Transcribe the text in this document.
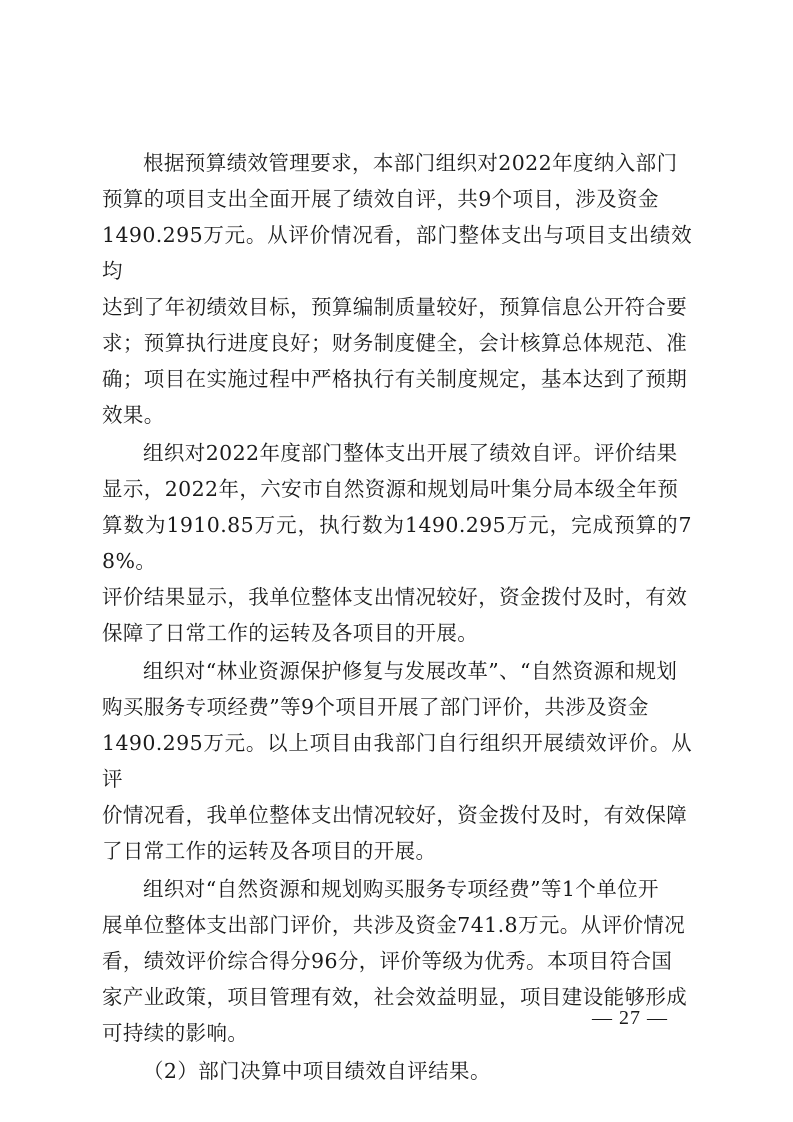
根据预算绩效管理要求，本部门组织对2022年度纳入部门
预算的项目支出全面开展了绩效自评，共9个项目，涉及资金
1490.295万元。从评价情况看，部门整体支出与项目支出绩效均
达到了年初绩效目标，预算编制质量较好，预算信息公开符合要
求；预算执行进度良好；财务制度健全，会计核算总体规范、准
确；项目在实施过程中严格执行有关制度规定，基本达到了预期
效果。

组织对2022年度部门整体支出开展了绩效自评。评价结果
显示，2022年，六安市自然资源和规划局叶集分局本级全年预
算数为1910.85万元，执行数为1490.295万元，完成预算的78%。
评价结果显示，我单位整体支出情况较好，资金拨付及时，有效
保障了日常工作的运转及各项目的开展。

组织对“林业资源保护修复与发展改革”、“自然资源和规划
购买服务专项经费”等9个项目开展了部门评价，共涉及资金
1490.295万元。以上项目由我部门自行组织开展绩效评价。从评
价情况看，我单位整体支出情况较好，资金拨付及时，有效保障
了日常工作的运转及各项目的开展。

组织对“自然资源和规划购买服务专项经费”等1个单位开
展单位整体支出部门评价，共涉及资金741.8万元。从评价情况
看，绩效评价综合得分96分，评价等级为优秀。本项目符合国
家产业政策，项目管理有效，社会效益明显，项目建设能够形成
可持续的影响。

（2）部门决算中项目绩效自评结果。

— 27 —
